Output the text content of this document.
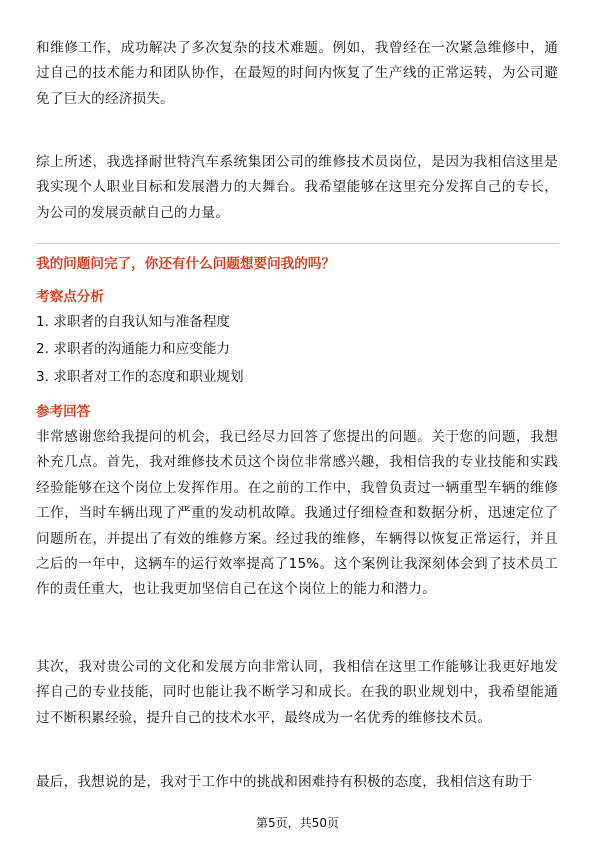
和维修工作，成功解决了多次复杂的技术难题。例如，我曾经在一次紧急维修中，通过自己的技术能力和团队协作，在最短的时间内恢复了生产线的正常运转，为公司避免了巨大的经济损失。

综上所述，我选择耐世特汽车系统集团公司的维修技术员岗位，是因为我相信这里是我实现个人职业目标和发展潜力的大舞台。我希望能够在这里充分发挥自己的专长，为公司的发展贡献自己的力量。

我的问题问完了，你还有什么问题想要问我的吗？

考察点分析

1. 求职者的自我认知与准备程度

2. 求职者的沟通能力和应变能力

3. 求职者对工作的态度和职业规划

参考回答

非常感谢您给我提问的机会，我已经尽力回答了您提出的问题。关于您的问题，我想补充几点。首先，我对维修技术员这个岗位非常感兴趣，我相信我的专业技能和实践经验能够在这个岗位上发挥作用。在之前的工作中，我曾负责过一辆重型车辆的维修工作，当时车辆出现了严重的发动机故障。我通过仔细检查和数据分析，迅速定位了问题所在，并提出了有效的维修方案。经过我的维修，车辆得以恢复正常运行，并且之后的一年中，这辆车的运行效率提高了15%。这个案例让我深刻体会到了技术员工作的责任重大，也让我更加坚信自己在这个岗位上的能力和潜力。

其次，我对贵公司的文化和发展方向非常认同，我相信在这里工作能够让我更好地发挥自己的专业技能，同时也能让我不断学习和成长。在我的职业规划中，我希望能通过不断积累经验，提升自己的技术水平，最终成为一名优秀的维修技术员。

最后，我想说的是，我对于工作中的挑战和困难持有积极的态度，我相信这有助于

第5页，共50页
